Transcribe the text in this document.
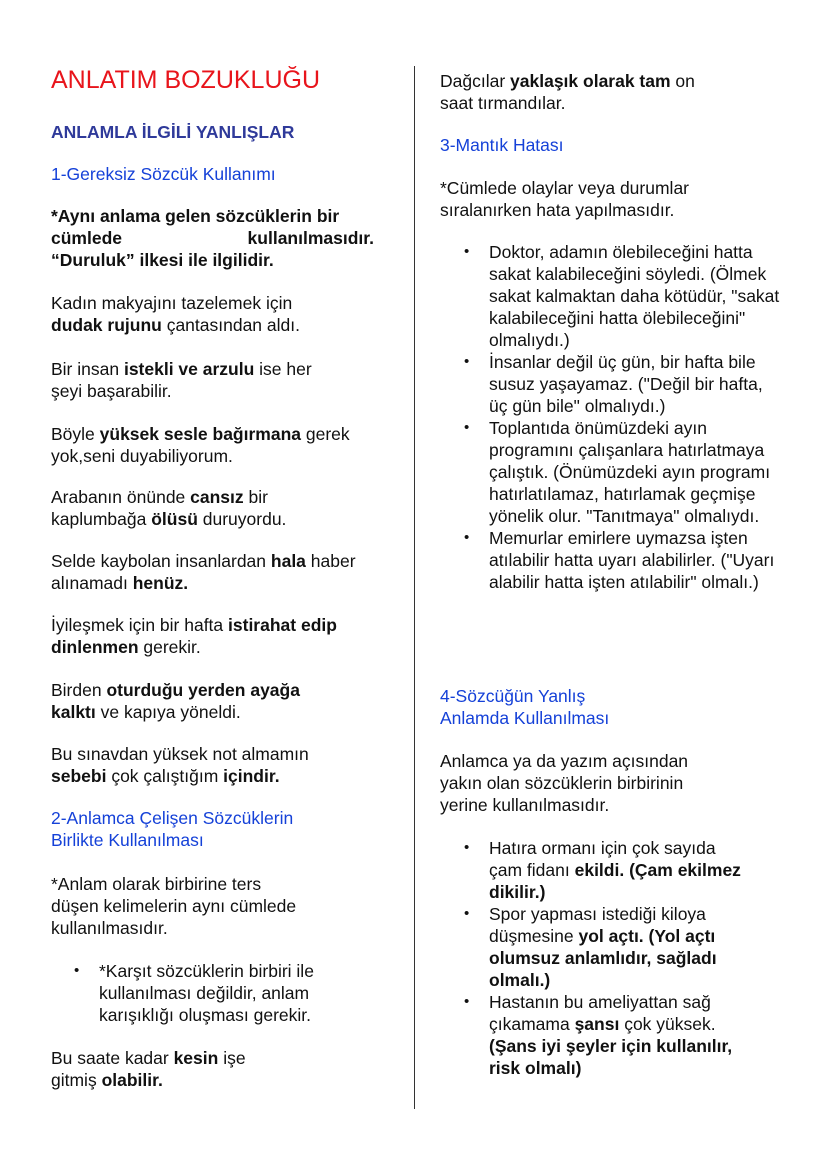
ANLATIM BOZUKLUĞU
ANLAMLA İLGİLİ YANLIŞLAR
1-Gereksiz Sözcük Kullanımı
*Aynı anlama gelen sözcüklerin bir
cümlede	kullanılmasıdır.
“Duruluk” ilkesi ile ilgilidir.
Kadın makyajını tazelemek için
dudak rujunu çantasından aldı.
Bir insan istekli ve arzulu ise her
şeyi başarabilir.
Böyle yüksek sesle bağırmana gerek
yok,seni duyabiliyorum.
Arabanın önünde cansız bir
kaplumbağa ölüsü duruyordu.
Selde kaybolan insanlardan hala haber
alınamadı henüz.
İyileşmek için bir hafta istirahat edip
dinlenmen gerekir.
Birden oturduğu yerden ayağa
kalktı ve kapıya yöneldi.
Bu sınavdan yüksek not almamın
sebebi çok çalıştığım içindir.
2-Anlamca Çelişen Sözcüklerin
Birlikte Kullanılması
*Anlam olarak birbirine ters
düşen kelimelerin aynı cümlede
kullanılmasıdır.
• *Karşıt sözcüklerin birbiri ile kullanılması değildir, anlam karışıklığı oluşması gerekir.
Bu saate kadar kesin işe
gitmiş olabilir.
Dağcılar yaklaşık olarak tam on
saat tırmandılar.
3-Mantık Hatası
*Cümlede olaylar veya durumlar
sıralanırken hata yapılmasıdır.
• Doktor, adamın ölebileceğini hatta sakat kalabileceğini söyledi. (Ölmek sakat kalmaktan daha kötüdür, "sakat kalabileceğini hatta ölebileceğini" olmalıydı.)
• İnsanlar değil üç gün, bir hafta bile susuz yaşayamaz. ("Değil bir hafta, üç gün bile" olmalıydı.)
• Toplantıda önümüzdeki ayın programını çalışanlara hatırlatmaya çalıştık. (Önümüzdeki ayın programı hatırlatılamaz, hatırlamak geçmişe yönelik olur. "Tanıtmaya" olmalıydı.
• Memurlar emirlere uymazsa işten atılabilir hatta uyarı alabilirler. ("Uyarı alabilir hatta işten atılabilir" olmalı.)
4-Sözcüğün Yanlış
Anlamda Kullanılması
Anlamca ya da yazım açısından
yakın olan sözcüklerin birbirinin
yerine kullanılmasıdır.
• Hatıra ormanı için çok sayıda çam fidanı ekildi. (Çam ekilmez dikilir.)
• Spor yapması istediği kiloya düşmesine yol açtı. (Yol açtı olumsuz anlamlıdır, sağladı olmalı.)
• Hastanın bu ameliyattan sağ çıkamama şansı çok yüksek. (Şans iyi şeyler için kullanılır, risk olmalı)
